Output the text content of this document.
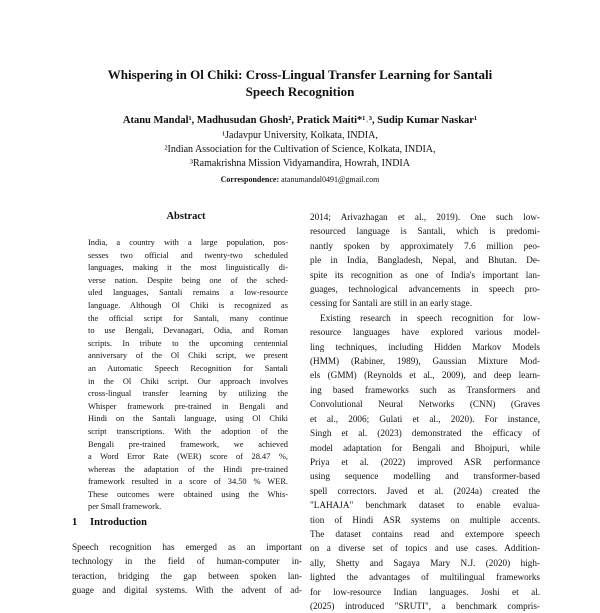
Whispering in Ol Chiki: Cross-Lingual Transfer Learning for Santali
Speech Recognition
Atanu Mandal¹, Madhusudan Ghosh², Pratick Maiti*¹˒³, Sudip Kumar Naskar¹
¹Jadavpur University, Kolkata, INDIA,
²Indian Association for the Cultivation of Science, Kolkata, INDIA,
³Ramakrishna Mission Vidyamandira, Howrah, INDIA
Correspondence: atanumandal0491@gmail.com
Abstract
India, a country with a large population, pos-
sesses two official and twenty-two scheduled
languages, making it the most linguistically di-
verse nation. Despite being one of the sched-
uled languages, Santali remains a low-resource
language. Although Ol Chiki is recognized as
the official script for Santali, many continue
to use Bengali, Devanagari, Odia, and Roman
scripts. In tribute to the upcoming centennial
anniversary of the Ol Chiki script, we present
an Automatic Speech Recognition for Santali
in the Ol Chiki script. Our approach involves
cross-lingual transfer learning by utilizing the
Whisper framework pre-trained in Bengali and
Hindi on the Santali language, using Ol Chiki
script transcriptions. With the adoption of the
Bengali pre-trained framework, we achieved
a Word Error Rate (WER) score of 28.47 %,
whereas the adaptation of the Hindi pre-trained
framework resulted in a score of 34.50 % WER.
These outcomes were obtained using the Whis-
per Small framework.
1 Introduction
Speech recognition has emerged as an important
technology in the field of human-computer in-
teraction, bridging the gap between spoken lan-
guage and digital systems. With the advent of ad-
2014; Arivazhagan et al., 2019). One such low-
resourced language is Santali, which is predomi-
nantly spoken by approximately 7.6 million peo-
ple in India, Bangladesh, Nepal, and Bhutan. De-
spite its recognition as one of India's important lan-
guages, technological advancements in speech pro-
cessing for Santali are still in an early stage.
Existing research in speech recognition for low-
resource languages have explored various model-
ling techniques, including Hidden Markov Models
(HMM) (Rabiner, 1989), Gaussian Mixture Mod-
els (GMM) (Reynolds et al., 2009), and deep learn-
ing based frameworks such as Transformers and
Convolutional Neural Networks (CNN) (Graves
et al., 2006; Gulati et al., 2020). For instance,
Singh et al. (2023) demonstrated the efficacy of
model adaptation for Bengali and Bhojpuri, while
Priya et al. (2022) improved ASR performance
using sequence modelling and transformer-based
spell correctors. Javed et al. (2024a) created the
"LAHAJA" benchmark dataset to enable evalua-
tion of Hindi ASR systems on multiple accents.
The dataset contains read and extempore speech
on a diverse set of topics and use cases. Addition-
ally, Shetty and Sagaya Mary N.J. (2020) high-
lighted the advantages of multilingual frameworks
for low-resource Indian languages. Joshi et al.
(2025) introduced "SRUTI", a benchmark compris-
